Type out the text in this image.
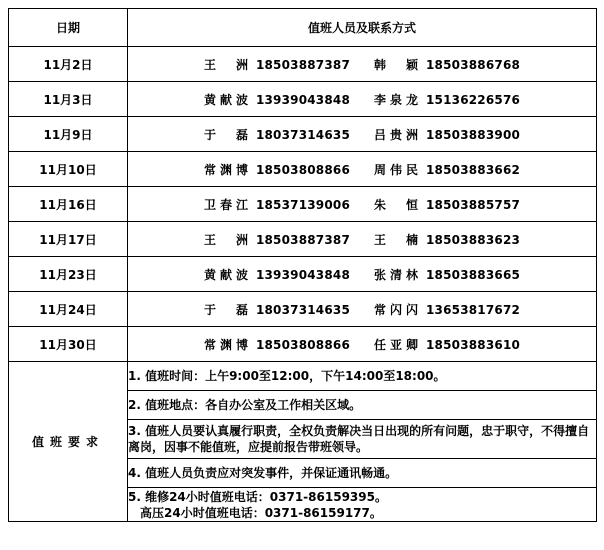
日期	值班人员及联系方式
11月2日	王　洲 18503887387 韩　颖 18503886768
11月3日	黄献波 13939043848 李泉龙 15136226576
11月9日	于　磊 18037314635 吕贵洲 18503883900
11月10日	常渊博 18503808866 周伟民 18503883662
11月16日	卫春江 18537139006 朱　恒 18503885757
11月17日	王　洲 18503887387 王　楠 18503883623
11月23日	黄献波 13939043848 张清林 18503883665
11月24日	于　磊 18037314635 常闪闪 13653817672
11月30日	常渊博 18503808866 任亚卿 18503883610
值班要求	1. 值班时间：上午9:00至12:00，下午14:00至18:00。
	2. 值班地点：各自办公室及工作相关区域。
	3. 值班人员要认真履行职责，全权负责解决当日出现的所有问题，忠于职守，不得擅自离岗，因事不能值班，应提前报告带班领导。
	4. 值班人员负责应对突发事件，并保证通讯畅通。

	5. 维修24小时值班电话：0371-86159395。
高压24小时值班电话：0371-86159177。
